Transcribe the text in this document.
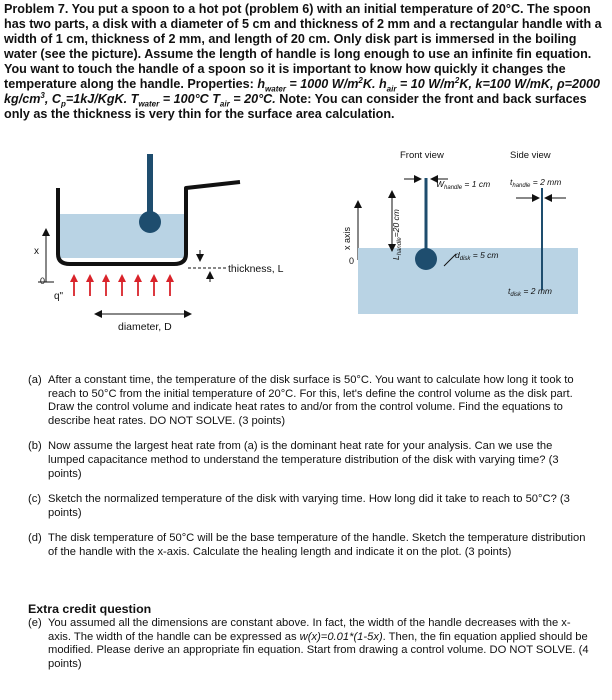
Problem 7. You put a spoon to a hot pot (problem 6) with an initial temperature of 20°C. The spoon has two parts, a disk with a diameter of 5 cm and thickness of 2 mm and a rectangular handle with a width of 1 cm, thickness of 2 mm, and length of 20 cm. Only disk part is immersed in the boiling water (see the picture). Assume the length of handle is long enough to use an infinite fin equation. You want to touch the handle of a spoon so it is important to know how quickly it changes the temperature along the handle. Properties: $h_{water} = 1000$ $W/m^2K$. $h_{air} = 10$ $W/m^2K$, k=100 W/mK, ρ=2000 $kg/cm^3$, $C_p=1kJ$/KgK. $T_{water} = 100^\circ C$ $T_{air} = 20^\circ C$. Note: You can consider the front and back surfaces only as the thickness is very thin for the surface area calculation.
thickness, L
x
0
q"
diameter, D
x axis
0
Front view	Side view
$W_{handle} = 1$ cm
$L_{handle}=20$ cm
$d_{disk} = 5$ cm
$t_{handle} = 2$ mm
$t_{disk} = 2$ mm
(a) After a constant time, the temperature of the disk surface is 50°C. You want to calculate how long it took to reach to 50°C from the initial temperature of 20°C. For this, let's define the control volume as the disk part. Draw the control volume and indicate heat rates to and/or from the control volume. Find the equations to describe heat rates. DO NOT SOLVE. (3 points)
(b) Now assume the largest heat rate from (a) is the dominant heat rate for your analysis. Can we use the lumped capacitance method to understand the temperature distribution of the disk with varying time? (3 points)
(c) Sketch the normalized temperature of the disk with varying time. How long did it take to reach to 50°C? (3 points)
(d) The disk temperature of 50°C will be the base temperature of the handle. Sketch the temperature distribution of the handle with the x-axis. Calculate the healing length and indicate it on the plot. (3 points)
Extra credit question
(e) You assumed all the dimensions are constant above. In fact, the width of the handle decreases with the x-axis. The width of the handle can be expressed as w(x)=0.01*(1-5x). Then, the fin equation applied should be modified. Please derive an appropriate fin equation. Start from drawing a control volume. DO NOT SOLVE. (4 points)
